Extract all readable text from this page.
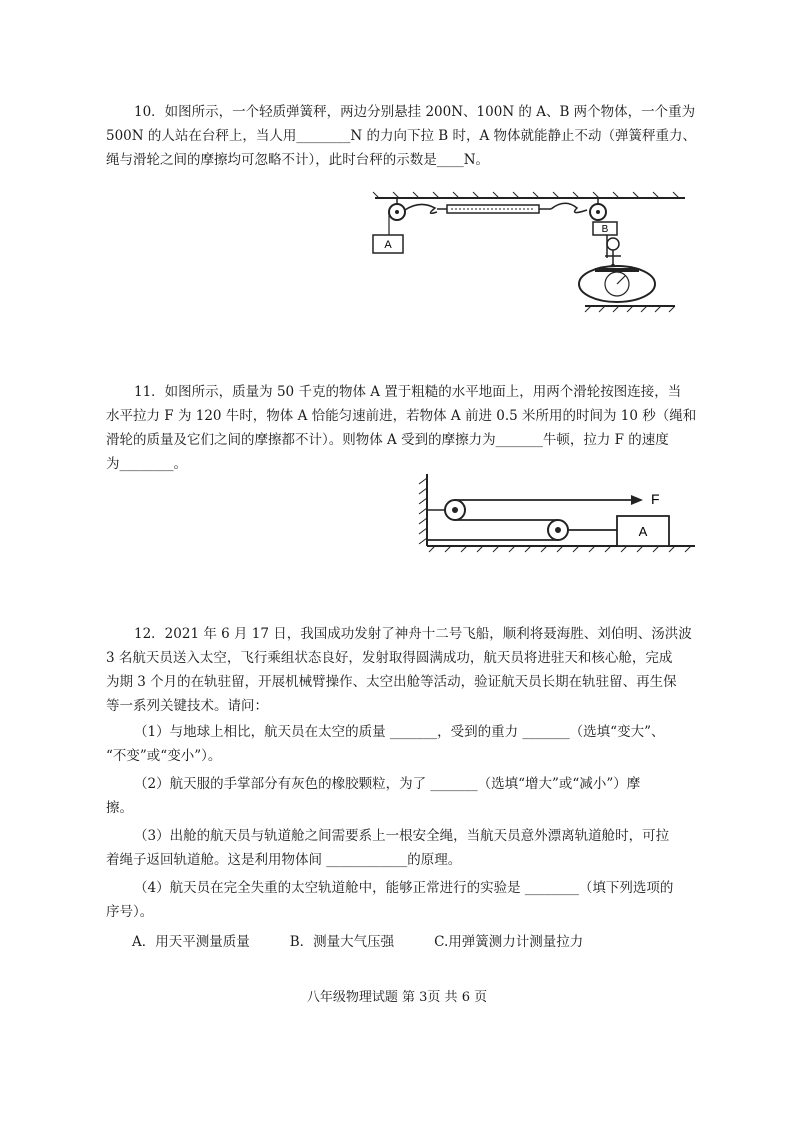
10．如图所示，一个轻质弹簧秤，两边分别悬挂 200N、100N 的 A、B 两个物体，一个重为

500N 的人站在台秤上，当人用________N 的力向下拉 B 时，A 物体就能静止不动（弹簧秤重力、

绳与滑轮之间的摩擦均可忽略不计），此时台秤的示数是____N。

A
B

11．如图所示，质量为 50 千克的物体 A 置于粗糙的水平地面上，用两个滑轮按图连接，当

水平拉力 F 为 120 牛时，物体 A 恰能匀速前进，若物体 A 前进 0.5 米所用的时间为 10 秒（绳和

滑轮的质量及它们之间的摩擦都不计）。则物体 A 受到的摩擦力为_______牛顿，拉力 F 的速度

为________。

A
F

12．2021 年 6 月 17 日，我国成功发射了神舟十二号飞船，顺利将聂海胜、刘伯明、汤洪波

3 名航天员送入太空，飞行乘组状态良好，发射取得圆满成功，航天员将进驻天和核心舱，完成

为期 3 个月的在轨驻留，开展机械臂操作、太空出舱等活动，验证航天员长期在轨驻留、再生保

等一系列关键技术。请问：

（1）与地球上相比，航天员在太空的质量 _______，受到的重力 _______（选填“变大”、

“不变”或“变小”）。

（2）航天服的手掌部分有灰色的橡胶颗粒，为了 _______（选填“增大”或“减小”）摩

擦。

（3）出舱的航天员与轨道舱之间需要系上一根安全绳，当航天员意外漂离轨道舱时，可拉

着绳子返回轨道舱。这是利用物体间 ____________的原理。

（4）航天员在完全失重的太空轨道舱中，能够正常进行的实验是 ________（填下列选项的

序号）。

A．用天平测量质量	B．测量大气压强	C.用弹簧测力计测量拉力

八年级物理试题 第 3页 共 6 页
